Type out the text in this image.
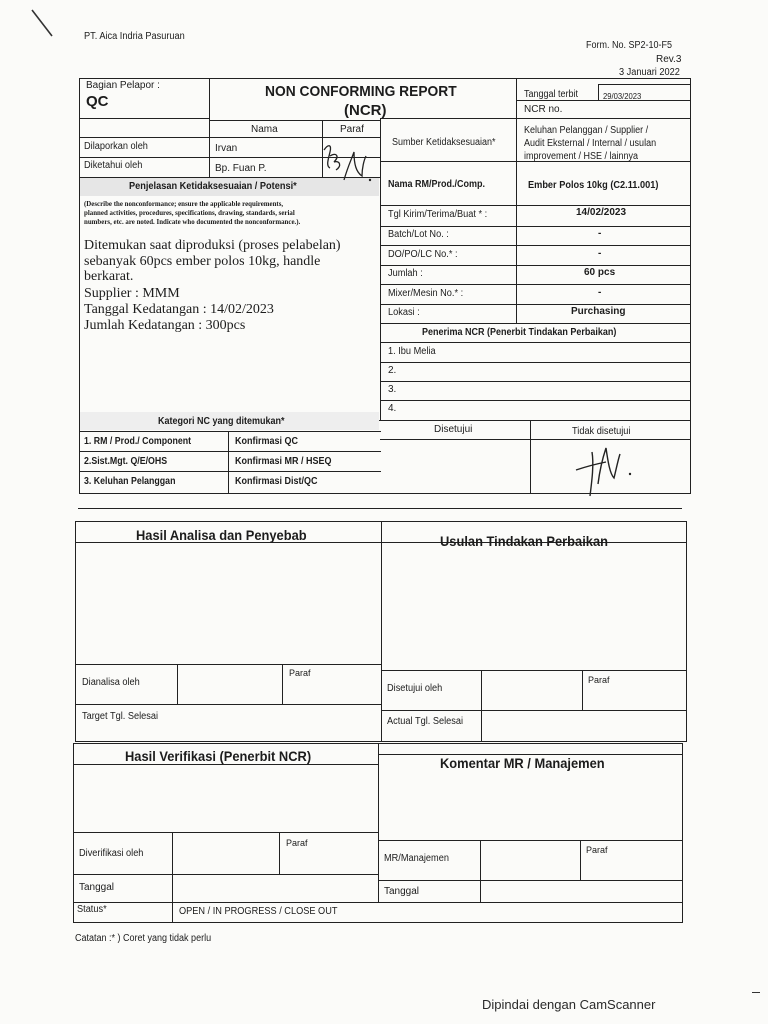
PT. Aica Indria Pasuruan
Form. No. SP2-10-F5
Rev.3
3 Januari 2022
Bagian Pelapor :
QC
NON CONFORMING REPORT
(NCR)
Tanggal terbit	29/03/2023
NCR no.
Nama	Paraf
Dilaporkan oleh	Irvan
Diketahui oleh	Bp. Fuan P.
Sumber Ketidaksesuaian*
Keluhan Pelanggan / Supplier /
Audit Eksternal / Internal / usulan
improvement / HSE / lainnya
Penjelasan Ketidaksesuaian / Potensi*
(Describe the nonconformance; ensure the applicable requirements,
planned activities, procedures, specifications, drawing, standards, serial
numbers, etc. are noted. Indicate who documented the nonconformance.).
Ditemukan saat diproduksi (proses pelabelan)
sebanyak 60pcs ember polos 10kg, handle
berkarat.
Supplier : MMM
Tanggal Kedatangan : 14/02/2023
Jumlah Kedatangan : 300pcs
Nama RM/Prod./Comp.	Ember Polos 10kg (C2.11.001)
Tgl Kirim/Terima/Buat * :	14/02/2023
Batch/Lot No. :	-
DO/PO/LC No.* :	-
Jumlah :	60 pcs
Mixer/Mesin No.* :	-
Lokasi :	Purchasing
Penerima NCR (Penerbit Tindakan Perbaikan)
1. Ibu Melia
2.
3.
4.
Kategori NC yang ditemukan*
1. RM / Prod./ Component	Konfirmasi QC
2.Sist.Mgt. Q/E/OHS	Konfirmasi MR / HSEQ
3. Keluhan Pelanggan	Konfirmasi Dist/QC
Disetujui	Tidak disetujui
Hasil Analisa dan Penyebab	Usulan Tindakan Perbaikan
Dianalisa oleh
Paraf
Target Tgl. Selesai
Disetujui oleh
Paraf
Actual Tgl. Selesai
Hasil Verifikasi (Penerbit NCR)	Komentar MR / Manajemen
Diverifikasi oleh
Paraf
Tanggal
Status*	OPEN / IN PROGRESS / CLOSE OUT
MR/Manajemen
Paraf
Tanggal
Catatan :* ) Coret yang tidak perlu
Dipindai dengan CamScanner
